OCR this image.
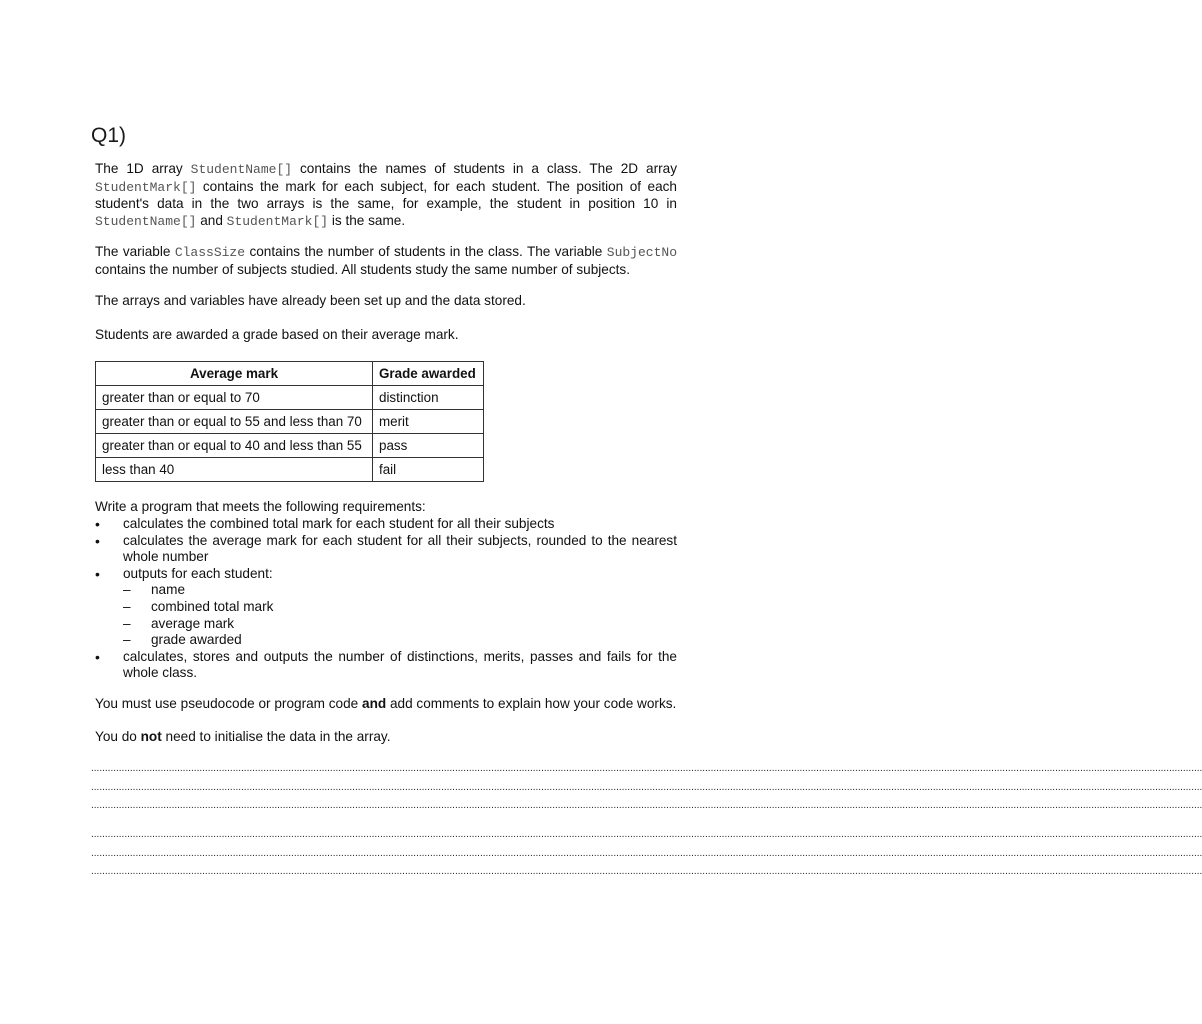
Q1)

The 1D array StudentName[] contains the names of students in a class. The 2D array StudentMark[] contains the mark for each subject, for each student. The position of each student's data in the two arrays is the same, for example, the student in position 10 in StudentName[] and StudentMark[] is the same.

The variable ClassSize contains the number of students in the class. The variable SubjectNo contains the number of subjects studied. All students study the same number of subjects.

The arrays and variables have already been set up and the data stored.

Students are awarded a grade based on their average mark.

Average mark	Grade awarded
greater than or equal to 70	distinction
greater than or equal to 55 and less than 70	merit
greater than or equal to 40 and less than 55	pass
less than 40	fail

Write a program that meets the following requirements:

• calculates the combined total mark for each student for all their subjects
• calculates the average mark for each student for all their subjects, rounded to the nearest whole number
• outputs for each student:
– name
– combined total mark
– average mark
– grade awarded
• calculates, stores and outputs the number of distinctions, merits, passes and fails for the whole class.

You must use pseudocode or program code and add comments to explain how your code works.

You do not need to initialise the data in the array.

................................................................................................................................................................................................................................................................................................................................................................................................................
................................................................................................................................................................................................................................................................................................................................................................................................................
................................................................................................................................................................................................................................................................................................................................................................................................................
................................................................................................................................................................................................................................................................................................................................................................................................................
................................................................................................................................................................................................................................................................................................................................................................................................................
................................................................................................................................................................................................................................................................................................................................................................................................................
